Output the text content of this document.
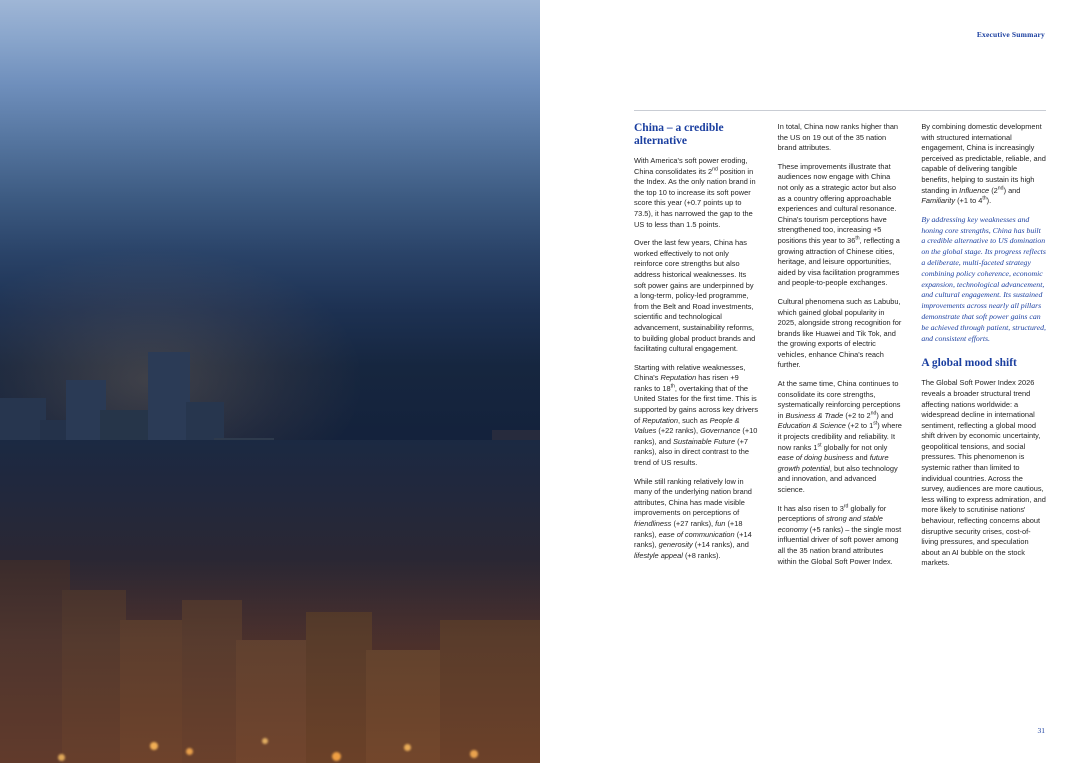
Executive Summary
China – a credible alternative

With America's soft power eroding, China consolidates its 2nd position in the Index. As the only nation brand in the top 10 to increase its soft power score this year (+0.7 points up to 73.5), it has narrowed the gap to the US to less than 1.5 points.

Over the last few years, China has worked effectively to not only reinforce core strengths but also address historical weaknesses. Its soft power gains are underpinned by a long-term, policy-led programme, from the Belt and Road investments, scientific and technological advancement, sustainability reforms, to building global product brands and facilitating cultural engagement.

Starting with relative weaknesses, China's Reputation has risen +9 ranks to 18th, overtaking that of the United States for the first time. This is supported by gains across key drivers of Reputation, such as People & Values (+22 ranks), Governance (+10 ranks), and Sustainable Future (+7 ranks), also in direct contrast to the trend of US results.

While still ranking relatively low in many of the underlying nation brand attributes, China has made visible improvements on perceptions of friendliness (+27 ranks), fun (+18 ranks), ease of communication (+14 ranks), generosity (+14 ranks), and lifestyle appeal (+8 ranks).

In total, China now ranks higher than the US on 19 out of the 35 nation brand attributes.

These improvements illustrate that audiences now engage with China not only as a strategic actor but also as a country offering approachable experiences and cultural resonance. China's tourism perceptions have strengthened too, increasing +5 positions this year to 36th, reflecting a growing attraction of Chinese cities, heritage, and leisure opportunities, aided by visa facilitation programmes and people-to-people exchanges.

Cultural phenomena such as Labubu, which gained global popularity in 2025, alongside strong recognition for brands like Huawei and Tik Tok, and the growing exports of electric vehicles, enhance China's reach further.

At the same time, China continues to consolidate its core strengths, systematically reinforcing perceptions in Business & Trade (+2 to 2nd) and Education & Science (+2 to 1st) where it projects credibility and reliability. It now ranks 1st globally for not only ease of doing business and future growth potential, but also technology and innovation, and advanced science.

It has also risen to 3rd globally for perceptions of strong and stable economy (+5 ranks) – the single most influential driver of soft power among all the 35 nation brand attributes within the Global Soft Power Index.

By combining domestic development with structured international engagement, China is increasingly perceived as predictable, reliable, and capable of delivering tangible benefits, helping to sustain its high standing in Influence (2nd) and Familiarity (+1 to 4th).

By addressing key weaknesses and honing core strengths, China has built a credible alternative to US domination on the global stage. Its progress reflects a deliberate, multi-faceted strategy combining policy coherence, economic expansion, technological advancement, and cultural engagement. Its sustained improvements across nearly all pillars demonstrate that soft power gains can be achieved through patient, structured, and consistent efforts.

A global mood shift

The Global Soft Power Index 2026 reveals a broader structural trend affecting nations worldwide: a widespread decline in international sentiment, reflecting a global mood shift driven by economic uncertainty, geopolitical tensions, and social pressures. This phenomenon is systemic rather than limited to individual countries. Across the survey, audiences are more cautious, less willing to express admiration, and more likely to scrutinise nations' behaviour, reflecting concerns about disruptive security crises, cost-of-living pressures, and speculation about an AI bubble on the stock markets.

31
